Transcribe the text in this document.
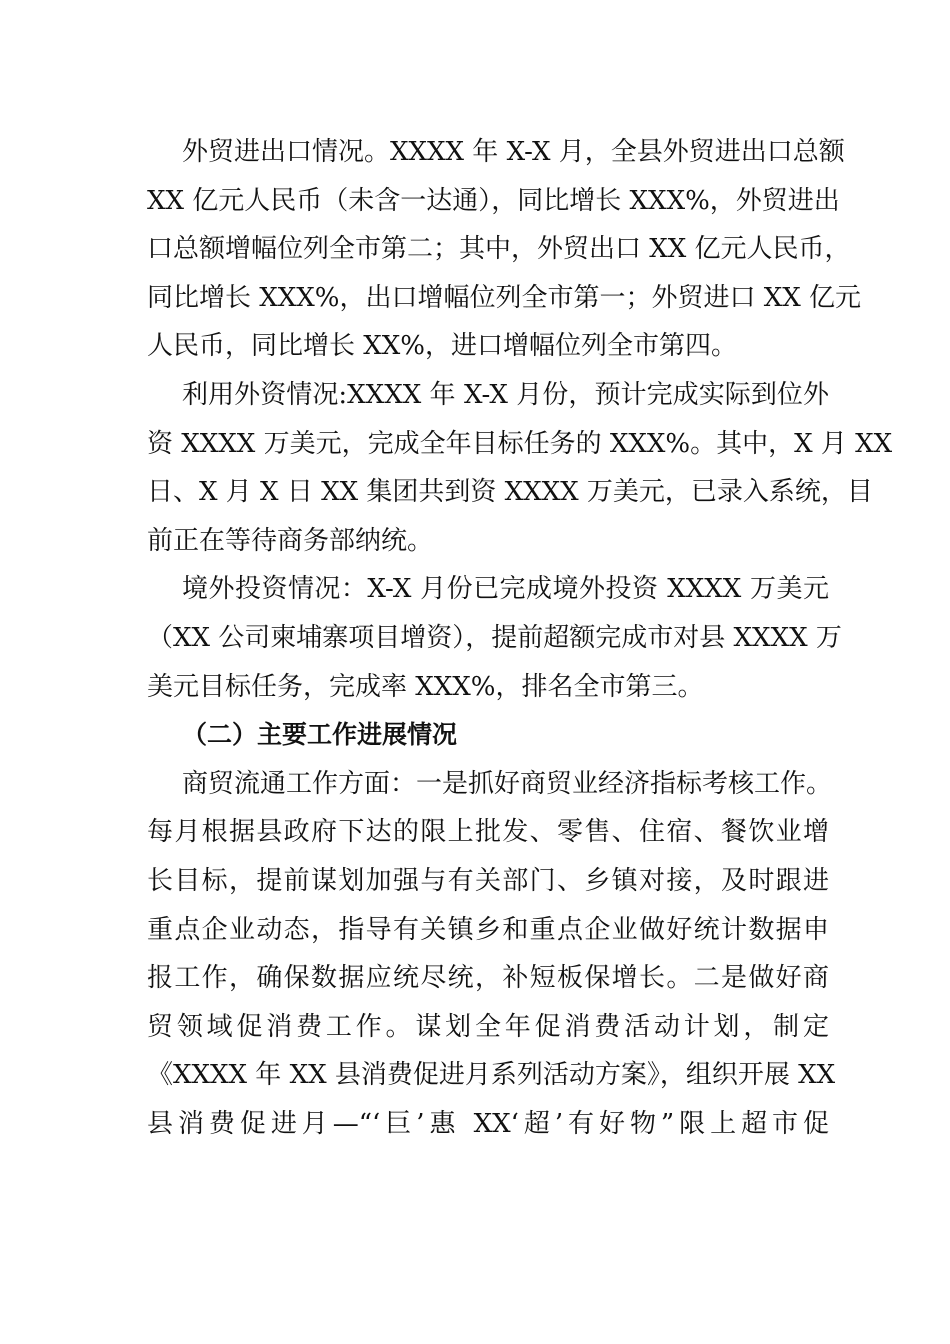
外贸进出口情况。XXXX 年 X-X 月，全县外贸进出口总额
XX 亿元人民币（未含一达通），同比增长 XXX%，外贸进出
口总额增幅位列全市第二；其中，外贸出口 XX 亿元人民币，
同比增长 XXX%，出口增幅位列全市第一；外贸进口 XX 亿元
人民币，同比增长 XX%，进口增幅位列全市第四。
利用外资情况:XXXX 年 X-X 月份，预计完成实际到位外
资 XXXX 万美元，完成全年目标任务的 XXX%。其中，X 月 XX
日、X 月 X 日 XX 集团共到资 XXXX 万美元，已录入系统，目
前正在等待商务部纳统。
境外投资情况：X-X 月份已完成境外投资 XXXX 万美元
（XX 公司柬埔寨项目增资），提前超额完成市对县 XXXX 万
美元目标任务，完成率 XXX%，排名全市第三。
（二）主要工作进展情况
商贸流通工作方面：一是抓好商贸业经济指标考核工作。
每月根据县政府下达的限上批发、零售、住宿、餐饮业增
长目标，提前谋划加强与有关部门、乡镇对接，及时跟进
重点企业动态，指导有关镇乡和重点企业做好统计数据申
报工作，确保数据应统尽统，补短板保增长。二是做好商
贸领域促消费工作。谋划全年促消费活动计划，制定
《XXXX 年 XX 县消费促进月系列活动方案》，组织开展 XX
县消费促进月—“‘巨’惠 XX‘超’有好物”限上超市促
